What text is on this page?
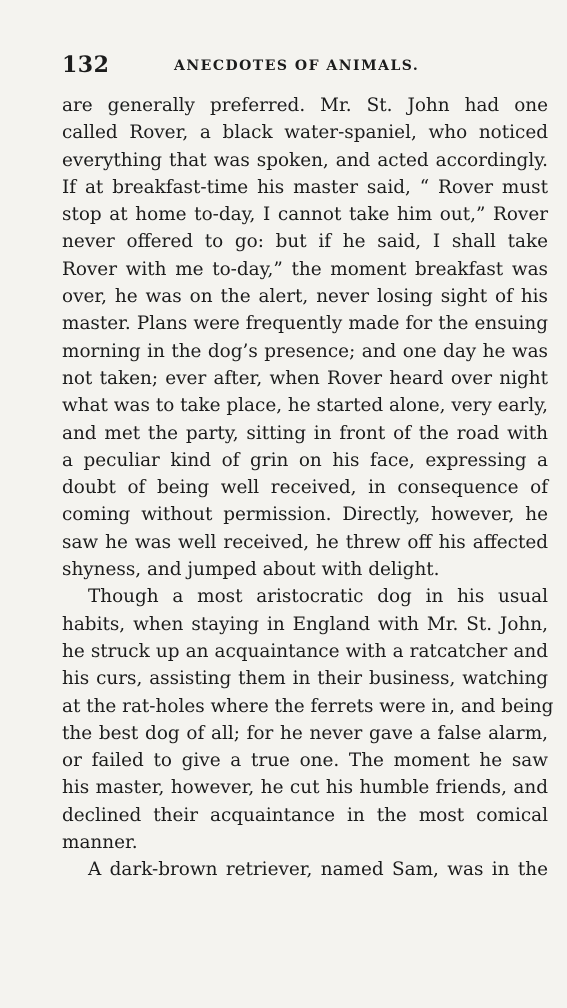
132	ANECDOTES OF ANIMALS.
are generally preferred. Mr. St. John had one
called Rover, a black water-spaniel, who noticed
everything that was spoken, and acted accordingly.
If at breakfast-time his master said, “ Rover must
stop at home to-day, I cannot take him out,” Rover
never offered to go: but if he said, I shall take
Rover with me to-day,” the moment breakfast was
over, he was on the alert, never losing sight of his
master. Plans were frequently made for the ensuing
morning in the dog’s presence; and one day he was
not taken; ever after, when Rover heard over night
what was to take place, he started alone, very early,
and met the party, sitting in front of the road with
a peculiar kind of grin on his face, expressing a
doubt of being well received, in consequence of
coming without permission. Directly, however, he
saw he was well received, he threw off his affected
shyness, and jumped about with delight.
Though a most aristocratic dog in his usual
habits, when staying in England with Mr. St. John,
he struck up an acquaintance with a ratcatcher and
his curs, assisting them in their business, watching
at the rat-holes where the ferrets were in, and being
the best dog of all; for he never gave a false alarm,
or failed to give a true one. The moment he saw
his master, however, he cut his humble friends, and
declined their acquaintance in the most comical
manner.
A dark-brown retriever, named Sam, was in the
